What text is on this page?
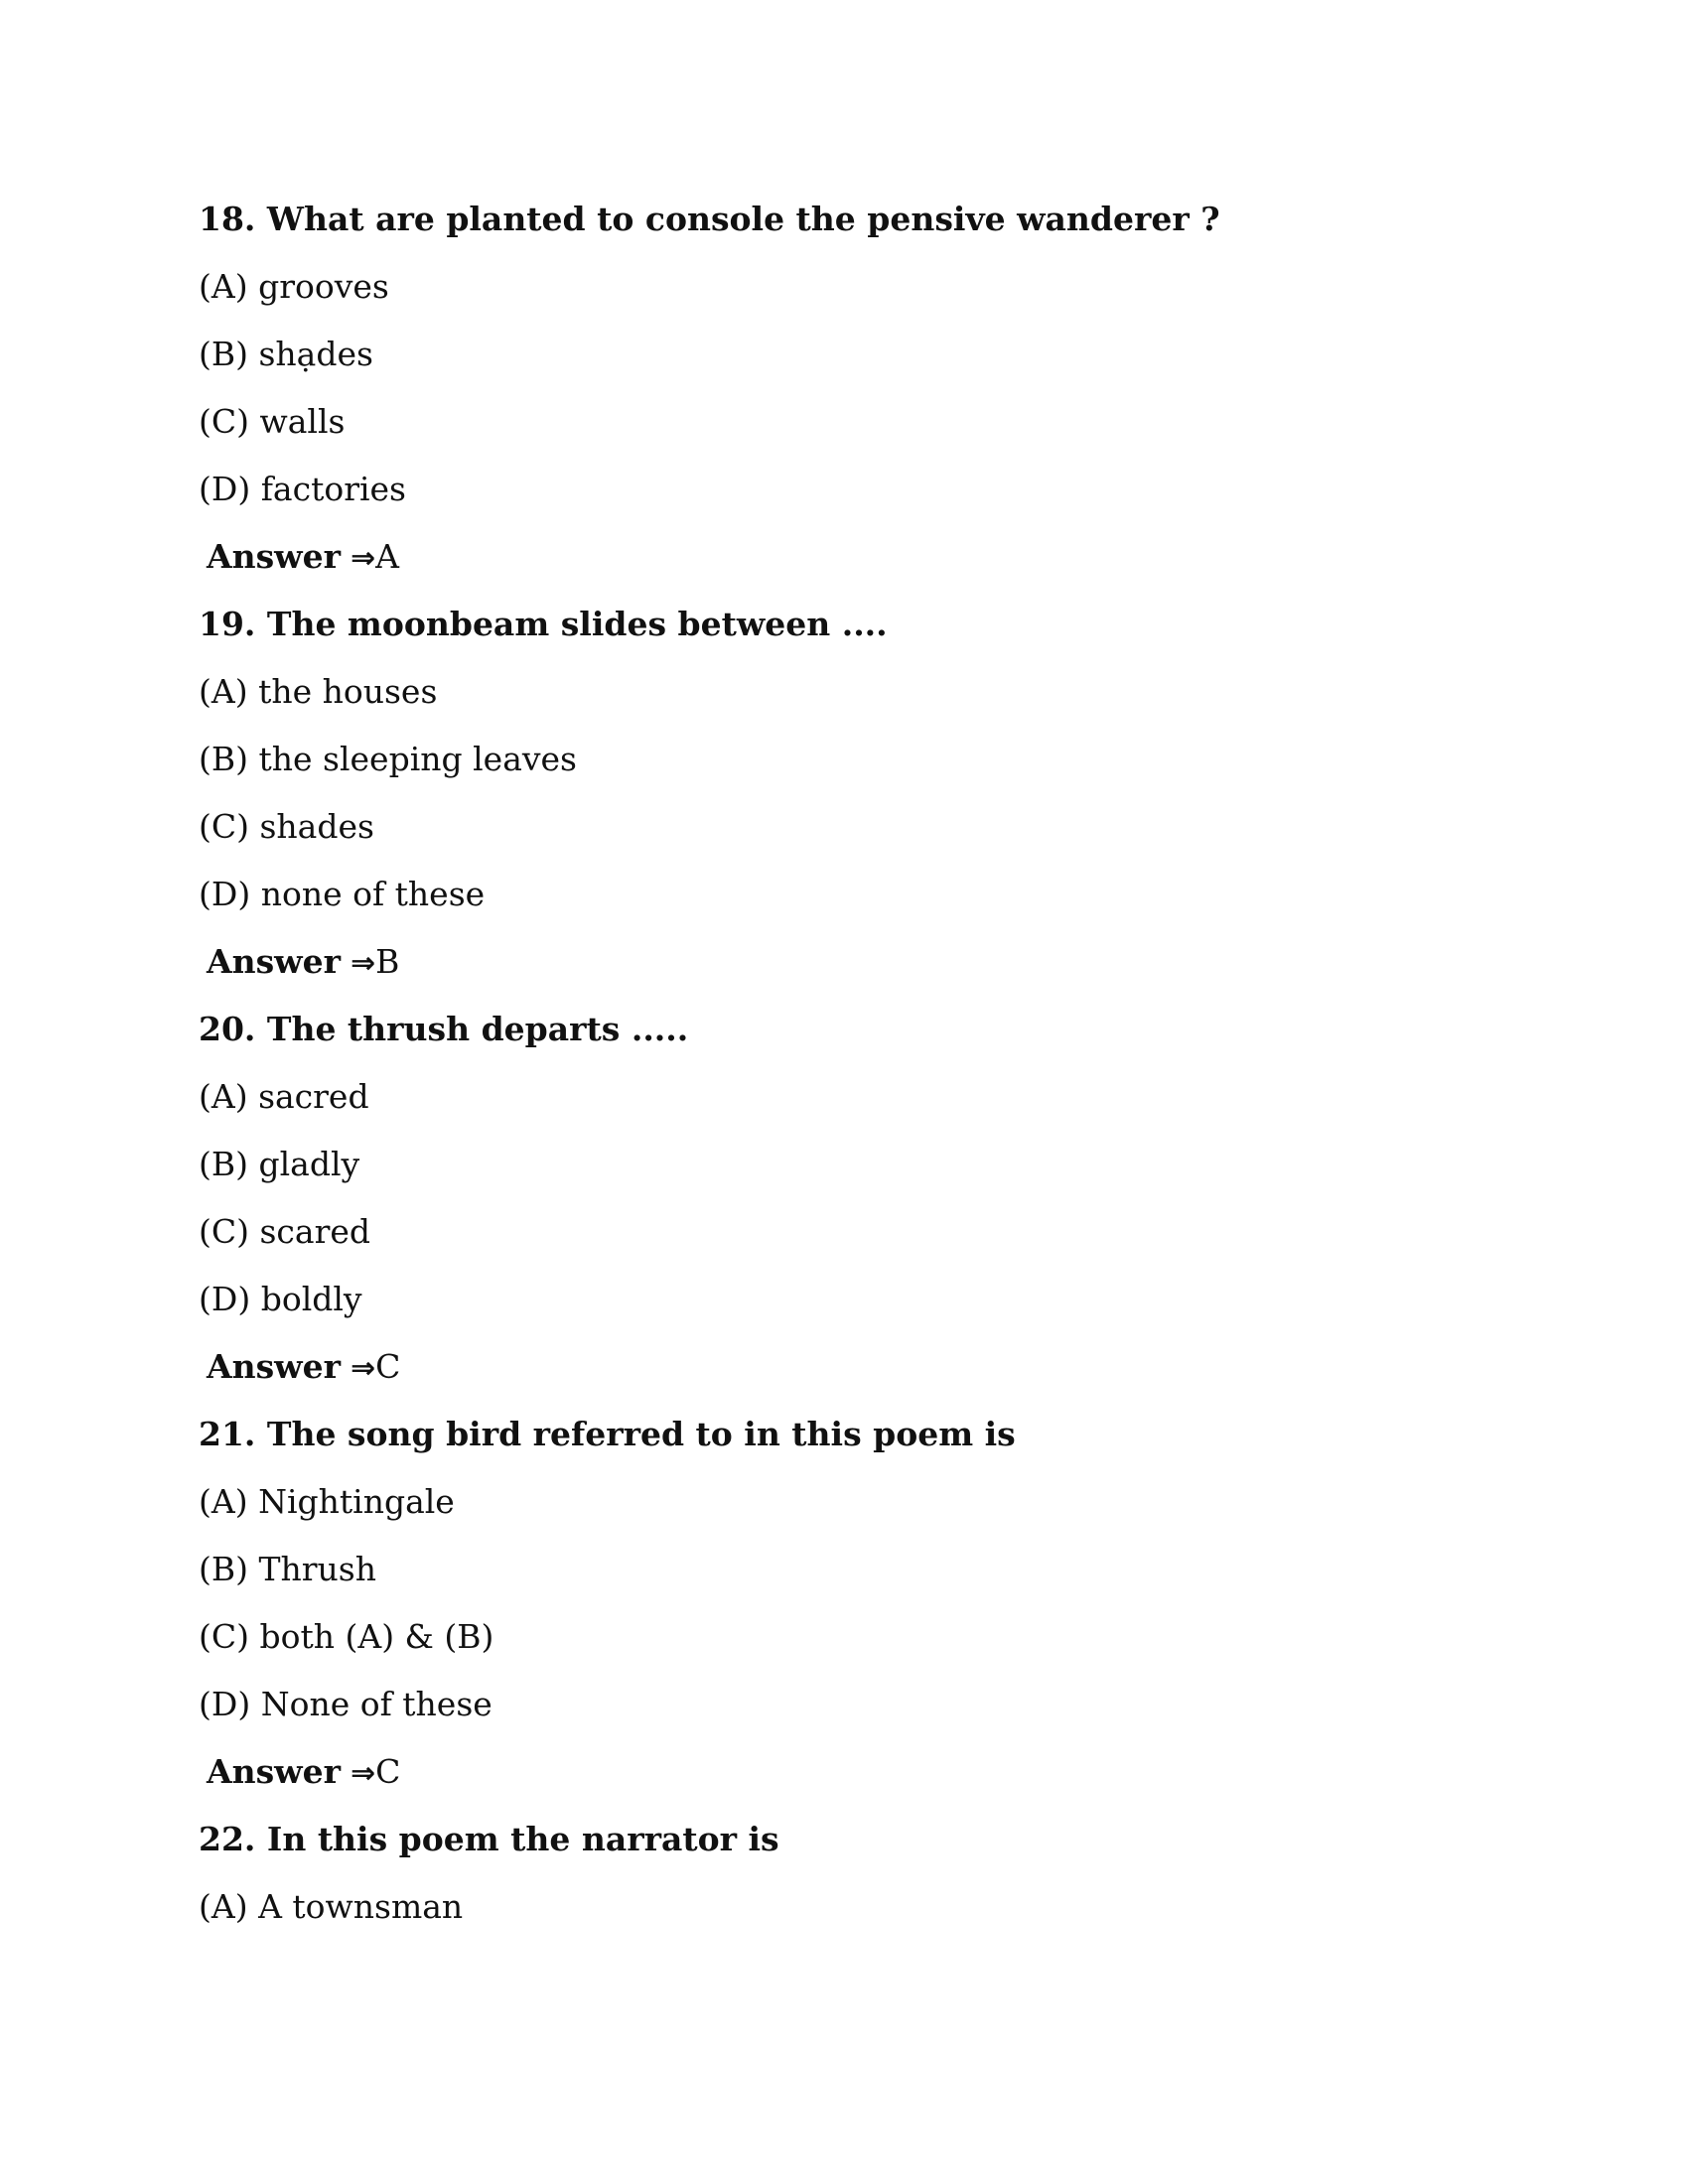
18. What are planted to console the pensive wanderer ?
(A) grooves
(B) shạdes
(C) walls
(D) factories
Answer ⇒A
19. The moonbeam slides between ....
(A) the houses
(B) the sleeping leaves
(C) shades
(D) none of these
Answer ⇒B
20. The thrush departs .....
(A) sacred
(B) gladly
(C) scared
(D) boldly
Answer ⇒C
21. The song bird referred to in this poem is
(A) Nightingale
(B) Thrush
(C) both (A) & (B)
(D) None of these
Answer ⇒C
22. In this poem the narrator is
(A) A townsman
